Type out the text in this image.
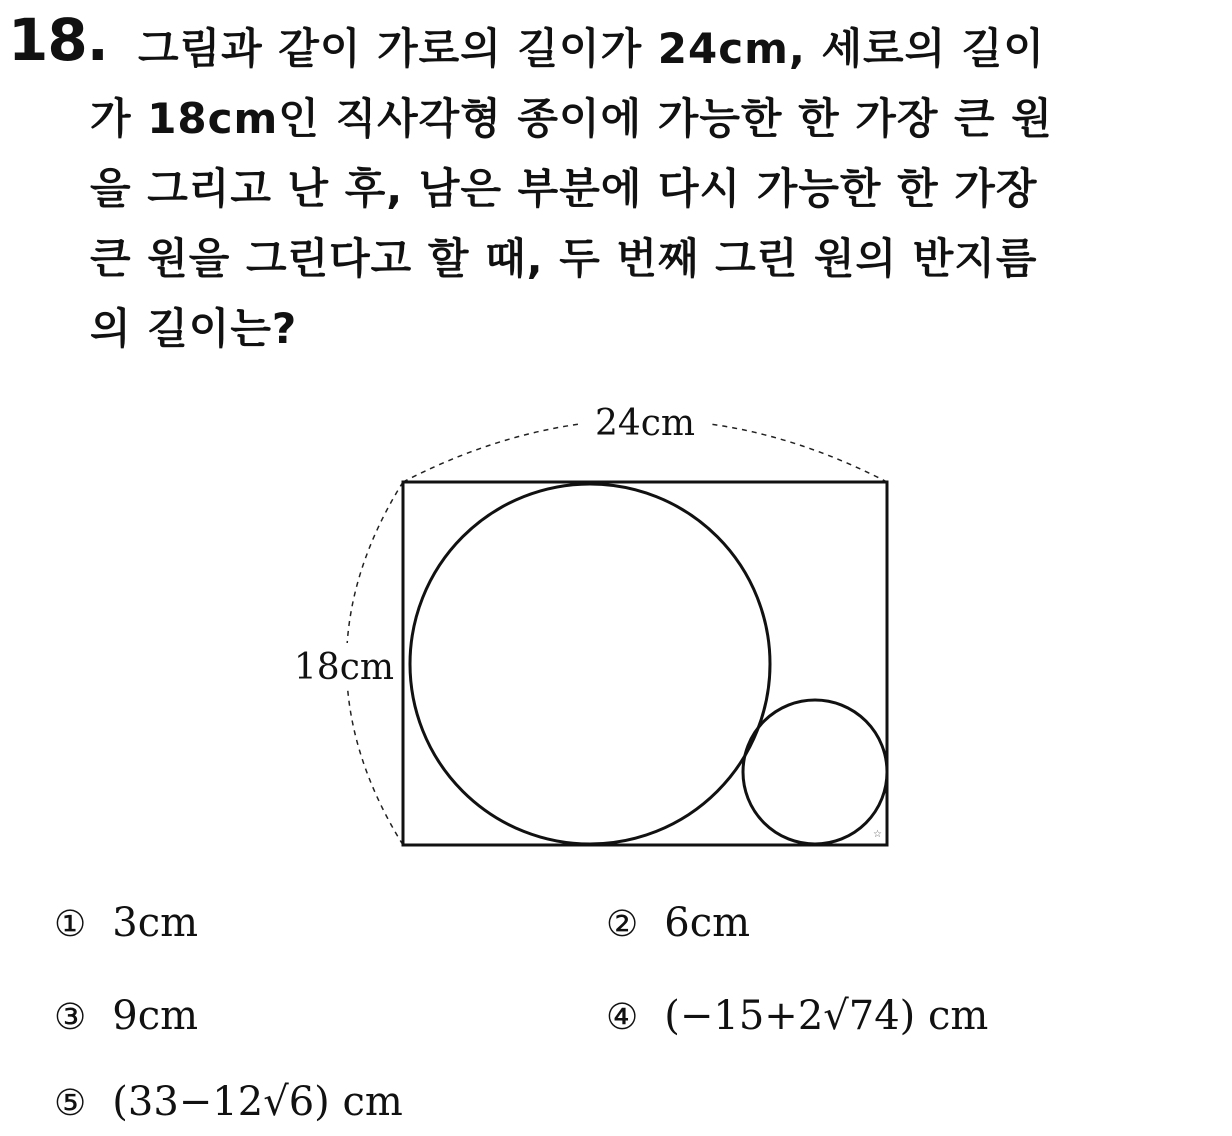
18. 그림과 같이 가로의 길이가 24cm, 세로의 길이
가 18cm인 직사각형 종이에 가능한 한 가장 큰 원
을 그리고 난 후, 남은 부분에 다시 가능한 한 가장
큰 원을 그린다고 할 때, 두 번째 그린 원의 반지름
의 길이는?
24cm
18cm
☆
① 3cm	② 6cm
③ 9cm	④ (−15+2√74) cm
⑤ (33−12√6) cm
